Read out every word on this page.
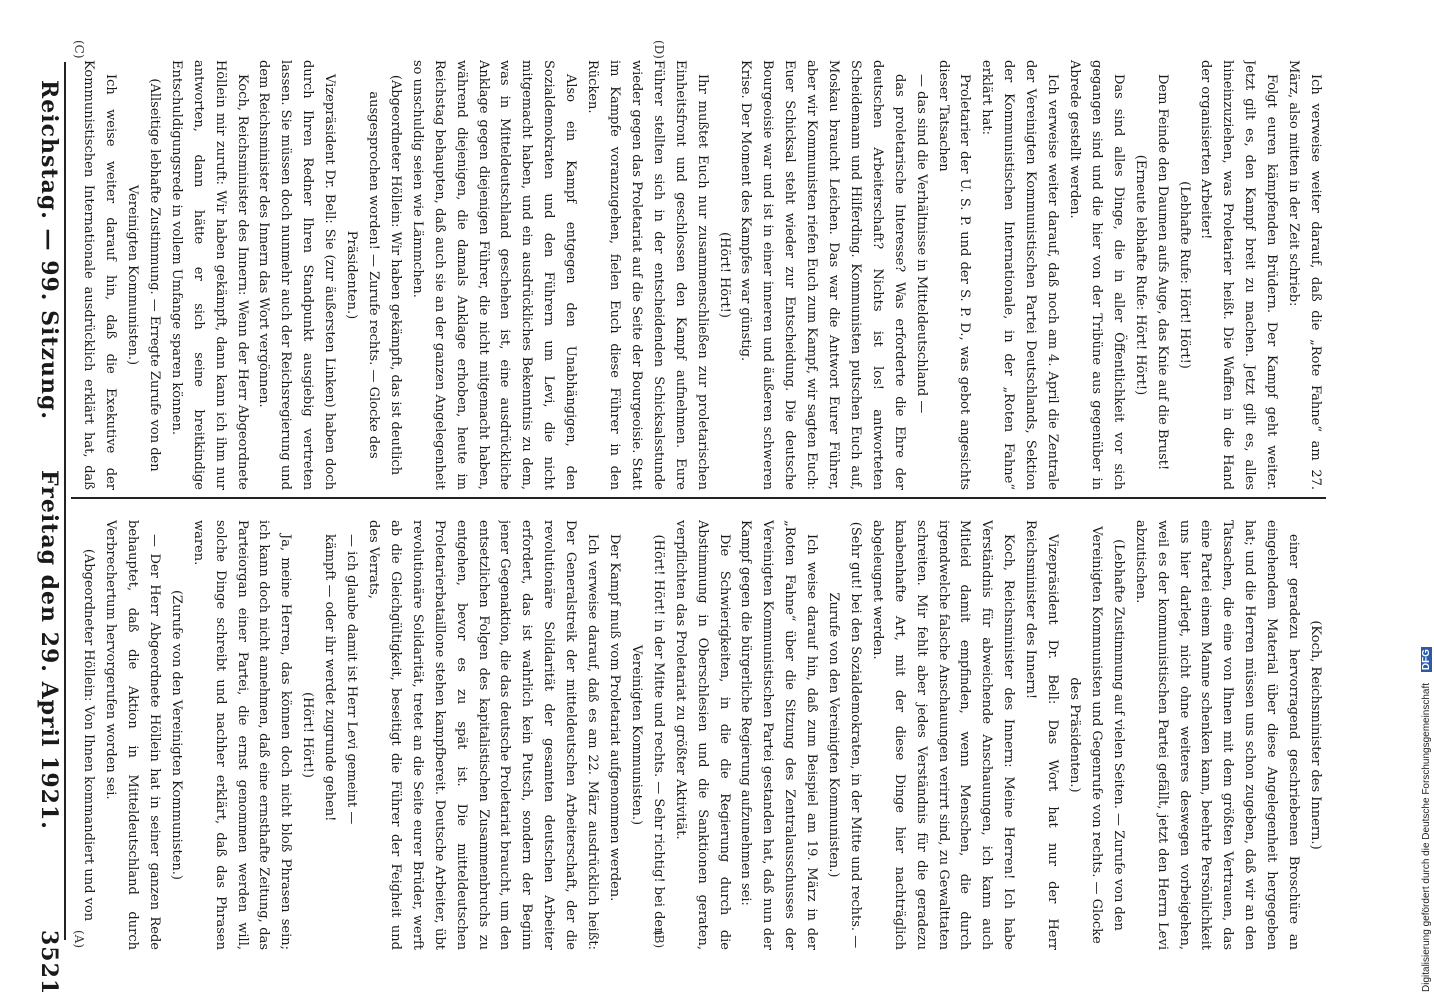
Reichstag. — 99. Sitzung.
Freitag den 29. April 1921.
3521

(Koch, Reichsminister des Innern.)

einer geradezu hervorragend geschriebenen Broschüre an eingehendem Material über diese Angelegenheit hergegeben hat; und die Herren müssen uns schon zugeben, daß wir an den Tatsachen, die eine von Ihnen mit dem größten Vertrauen, das eine Partei einem Manne schenken kann, beehrte Persönlichkeit uns hier darlegt, nicht ohne weiteres deswegen vorbeigehen, weil es der kommunistischen Partei gefällt, jetzt den Herrn Levi abzutischen.

(Lebhafte Zustimmung auf vielen Seiten. — Zurufe von den Vereinigten Kommunisten und Gegenrufe von rechts. — Glocke des Präsidenten.)

Vizepräsident Dr. Bell: Das Wort hat nur der Herr Reichsminister des Innern!

Koch, Reichsminister des Innern: Meine Herren! Ich habe Verständnis für abweichende Anschauungen, ich kann auch Mitleid damit empfinden, wenn Menschen, die durch irgendwelche falsche Anschauungen verirrt sind, zu Gewalttaten schreiten. Mir fehlt aber jedes Verständnis für die geradezu knabenhafte Art, mit der diese Dinge hier nachträglich abgeleugnet werden.

(Sehr gut! bei den Sozialdemokraten, in der Mitte und rechts. — Zurufe von den Vereinigten Kommunisten.)

Ich weise darauf hin, daß zum Beispiel am 19. März in der „Roten Fahne“ über die Sitzung des Zentralausschusses der Vereinigten Kommunistischen Partei gestanden hat, daß nun der Kampf gegen die bürgerliche Regierung aufzunehmen sei:

Die Schwierigkeiten, in die die Regierung durch die Abstimmung in Oberschlesien und die Sanktionen geraten, verpflichten das Proletariat zu größter Aktivität.

(Hört! Hört! in der Mitte und rechts. — Sehr richtig! bei den Vereinigten Kommunisten.)

Der Kampf muß vom Proletariat aufgenommen werden.

Ich verweise darauf, daß es am 22. März ausdrücklich heißt: Der Generalstreik der mitteldeutschen Arbeiterschaft, der die revolutionäre Solidarität der gesamten deutschen Arbeiter erfordert, das ist wahrlich kein Putsch, sondern der Beginn jener Gegenaktion, die das deutsche Proletariat braucht, um den entsetzlichen Folgen des kapitalistischen Zusammenbruchs zu entgehen, bevor es zu spät ist. Die mitteldeutschen Proletarierbataillone stehen kampfbereit. Deutsche Arbeiter, übt revolutionäre Solidarität, tretet an die Seite eurer Brüder, werft ab die Gleichgültigkeit, beseitigt die Führer der Feigheit und des Verrats,

— ich glaube damit ist Herr Levi gemeint —

kämpft — oder ihr werdet zugrunde gehen!

(Hört! Hört!)

Ja, meine Herren, das können doch nicht bloß Phrasen sein; ich kann doch nicht annehmen, daß eine ernsthafte Zeitung, das Parteiorgan einer Partei, die ernst genommen werden will, solche Dinge schreibt und nachher erklärt, daß das Phrasen waren.

(Zurufe von den Vereinigten Kommunisten.)

— Der Herr Abgeordnete Höllein hat in seiner ganzen Rede behauptet, daß die Aktion in Mitteldeutschland durch Verbrechertum hervorgerufen worden sei.

(Abgeordneter Höllein: Von Ihnen kommandiert und von

Ich verweise weiter darauf, daß die „Rote Fahne“ am 27. März, also mitten in der Zeit schrieb:

Folgt euren kämpfenden Brüdern. Der Kampf geht weiter. Jetzt gilt es, den Kampf breit zu machen. Jetzt gilt es, alles hineinzuziehen, was Proletarier heißt. Die Waffen in die Hand der organisierten Arbeiter!

(Lebhafte Rufe: Hört! Hört!)

Dem Feinde den Daumen aufs Auge, das Knie auf die Brust!

(Erneute lebhafte Rufe: Hört! Hört!)

Das sind alles Dinge, die in aller Öffentlichkeit vor sich gegangen sind und die hier von der Tribüne aus gegenüber in Abrede gestellt werden.

Ich verweise weiter darauf, daß noch am 4. April die Zentrale der Vereinigten Kommunistischen Partei Deutschlands, Sektion der Kommunistischen Internationale, in der „Roten Fahne“ erklärt hat:

Proletarier der U. S. P. und der S. P. D., was gebot angesichts dieser Tatsachen

— das sind die Verhältnisse in Mitteldeutschland —

das proletarische Interesse? Was erforderte die Ehre der deutschen Arbeiterschaft? Nichts ist los! antworteten Scheidemann und Hilferding. Kommunisten putschen Euch auf, Moskau braucht Leichen. Das war die Antwort Eurer Führer, aber wir Kommunisten riefen Euch zum Kampf, wir sagten Euch: Euer Schicksal steht wieder zur Entscheidung. Die deutsche Bourgeoisie war und ist in einer inneren und äußeren schweren Krise. Der Moment des Kampfes war günstig.

(Hört! Hört!)

Ihr mußtet Euch nur zusammenschließen zur proletarischen Einheitsfront und geschlossen den Kampf aufnehmen. Eure Führer stellten sich in der entscheidenden Schicksalsstunde wieder gegen das Proletariat auf die Seite der Bourgeoisie. Statt im Kampfe voranzugehen, fielen Euch diese Führer in den Rücken.

Also ein Kampf entgegen den Unabhängigen, den Sozialdemokraten und den Führern um Levi, die nicht mitgemacht haben, und ein ausdrückliches Bekenntnis zu dem, was in Mitteldeutschland geschehen ist, eine ausdrückliche Anklage gegen diejenigen Führer, die nicht mitgemacht haben, während diejenigen, die damals Anklage erhoben, heute im Reichstag behaupten, daß auch sie an der ganzen Angelegenheit so unschuldig seien wie Lämmchen.

(Abgeordneter Höllein: Wir haben gekämpft, das ist deutlich ausgesprochen worden! — Zurufe rechts. — Glocke des Präsidenten.)

Vizepräsident Dr. Bell: Sie (zur äußersten Linken) haben doch durch Ihren Redner Ihren Standpunkt ausgiebig vertreten lassen. Sie müssen doch nunmehr auch der Reichsregierung und dem Reichsminister des Innern das Wort vergönnen.

Koch, Reichsminister des Innern: Wenn der Herr Abgeordnete Höllein mir zuruft: Wir haben gekämpft, dann kann ich ihm nur antworten, dann hätte er sich seine breitkindige Entschuldigungsrede in vollem Umfange sparen können.

(Allseitige lebhafte Zustimmung. — Erregte Zurufe von den Vereinigten Kommunisten.)

Ich weise weiter darauf hin, daß die Exekutive der Kommunistischen Internationale ausdrücklich erklärt hat, daß

(A)	(B)
(C)	(D)
Digitalisierung gefördert durch die Deutsche Forschungsgemeinschaft DFG
